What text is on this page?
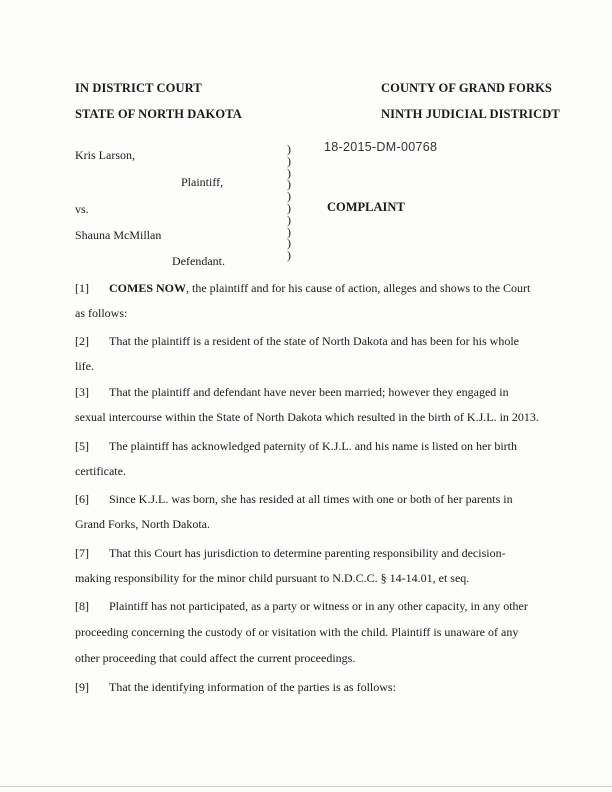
IN DISTRICT COURT
STATE OF NORTH DAKOTA
COUNTY OF GRAND FORKS
NINTH JUDICIAL DISTRICDT
18-2015-DM-00768
Kris Larson,
Plaintiff,
vs.
Shauna McMillan
Defendant.
)
)
)
)
)
)
)
)
)
)
COMPLAINT
[1] COMES NOW, the plaintiff and for his cause of action, alleges and shows to the Court
as follows:
[2] That the plaintiff is a resident of the state of North Dakota and has been for his whole
life.
[3] That the plaintiff and defendant have never been married; however they engaged in
sexual intercourse within the State of North Dakota which resulted in the birth of K.J.L. in 2013.
[5] The plaintiff has acknowledged paternity of K.J.L. and his name is listed on her birth
certificate.
[6] Since K.J.L. was born, she has resided at all times with one or both of her parents in
Grand Forks, North Dakota.
[7] That this Court has jurisdiction to determine parenting responsibility and decision-
making responsibility for the minor child pursuant to N.D.C.C. § 14-14.01, et seq.
[8] Plaintiff has not participated, as a party or witness or in any other capacity, in any other
proceeding concerning the custody of or visitation with the child. Plaintiff is unaware of any
other proceeding that could affect the current proceedings.
[9] That the identifying information of the parties is as follows:
